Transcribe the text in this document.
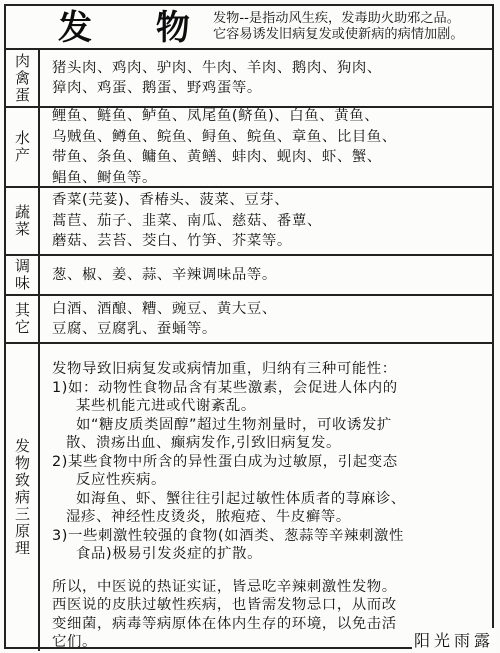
发 物
发物--是指动风生疾，发毒助火助邪之品。
它容易诱发旧病复发或使新病的病情加剧。
肉禽蛋 猪头肉、鸡肉、驴肉、牛肉、羊肉、鹅肉、狗肉、
獐肉、鸡蛋、鹅蛋、野鸡蛋等。
水产
鲤鱼、鲢鱼、鲈鱼、凤尾鱼(鲚鱼)、白鱼、黄鱼、
乌贼鱼、鳟鱼、鲩鱼、鲟鱼、鲩鱼、章鱼、比目鱼、
带鱼、条鱼、鳙鱼、黄鳝、蚌肉、蚬肉、虾、蟹、
鲳鱼、鲥鱼等。
蔬菜
香菜(芫荽)、香椿头、菠菜、豆芽、
蒿苣、茄子、韭菜、南瓜、慈菇、番蕈、
蘑菇、芸苔、茭白、竹笋、芥菜等。
调味 葱、椒、姜、蒜、辛辣调味品等。
其它 白酒、酒酿、糟、豌豆、黄大豆、
豆腐、豆腐乳、蚕蛹等。
发物致病三原理
发物导致旧病复发或病情加重，归纳有三种可能性：
1)如：动物性食物品含有某些激素，会促进人体内的
某些机能亢进或代谢紊乱。
如“糖皮质类固醇”超过生物剂量时，可收诱发扩
散、溃疡出血、癫病发作,引致旧病复发。
2)某些食物中所含的异性蛋白成为过敏原，引起变态
反应性疾病。
如海鱼、虾、蟹往往引起过敏性体质者的荨麻诊、
湿疹、神经性皮烫炎，脓疱疮、牛皮癣等。
3)一些刺激性较强的食物(如酒类、葱蒜等辛辣刺激性
食品)极易引发炎症的扩散。
所以，中医说的热证实证，皆忌吃辛辣刺激性发物。
西医说的皮肤过敏性疾病，也皆需发物忌口，从而改
变细菌，病毒等病原体在体内生存的环境，以免击活
它们。	阳光雨露
